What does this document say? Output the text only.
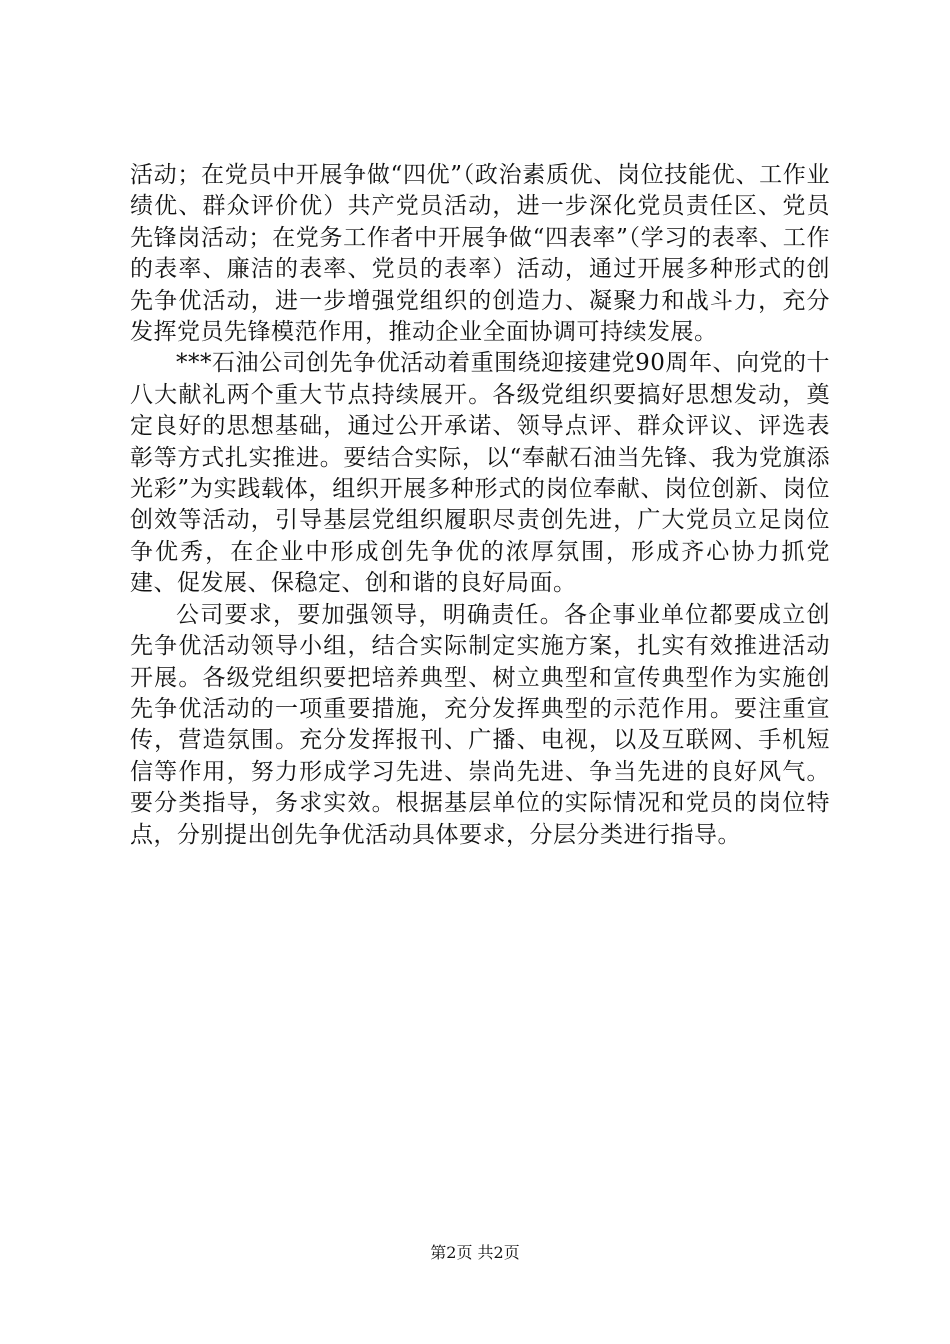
活动；在党员中开展争做“四优”（政治素质优、岗位技能优、工作业绩优、群众评价优）共产党员活动，进一步深化党员责任区、党员先锋岗活动；在党务工作者中开展争做“四表率”（学习的表率、工作的表率、廉洁的表率、党员的表率）活动，通过开展多种形式的创先争优活动，进一步增强党组织的创造力、凝聚力和战斗力，充分发挥党员先锋模范作用，推动企业全面协调可持续发展。

***石油公司创先争优活动着重围绕迎接建党90周年、向党的十八大献礼两个重大节点持续展开。各级党组织要搞好思想发动，奠定良好的思想基础，通过公开承诺、领导点评、群众评议、评选表彰等方式扎实推进。要结合实际，以“奉献石油当先锋、我为党旗添光彩”为实践载体，组织开展多种形式的岗位奉献、岗位创新、岗位创效等活动，引导基层党组织履职尽责创先进，广大党员立足岗位争优秀，在企业中形成创先争优的浓厚氛围，形成齐心协力抓党建、促发展、保稳定、创和谐的良好局面。

公司要求，要加强领导，明确责任。各企事业单位都要成立创先争优活动领导小组，结合实际制定实施方案，扎实有效推进活动开展。各级党组织要把培养典型、树立典型和宣传典型作为实施创先争优活动的一项重要措施，充分发挥典型的示范作用。要注重宣传，营造氛围。充分发挥报刊、广播、电视，以及互联网、手机短信等作用，努力形成学习先进、崇尚先进、争当先进的良好风气。要分类指导，务求实效。根据基层单位的实际情况和党员的岗位特点，分别提出创先争优活动具体要求，分层分类进行指导。

第2页 共2页
